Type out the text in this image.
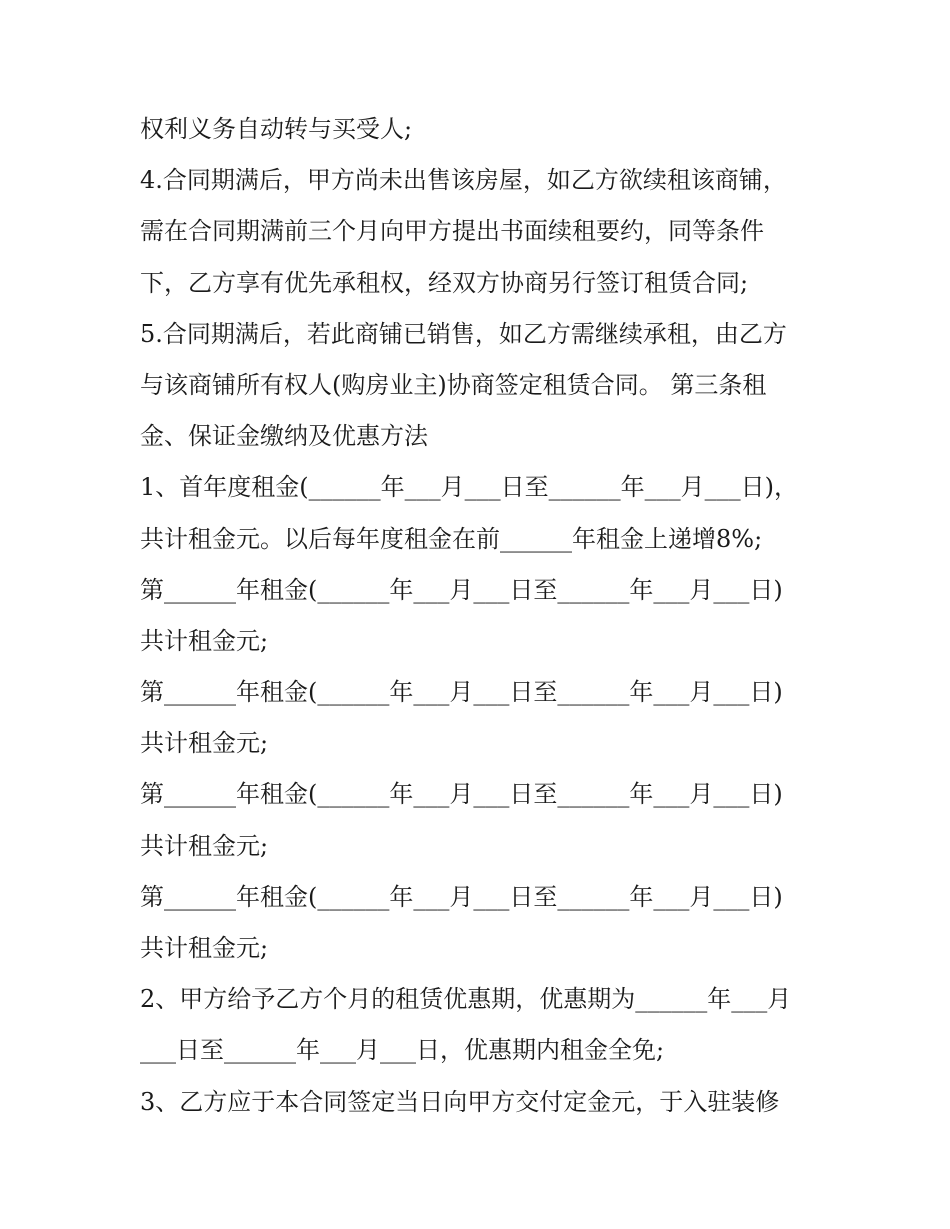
权利义务自动转与买受人;
4.合同期满后，甲方尚未出售该房屋，如乙方欲续租该商铺，
需在合同期满前三个月向甲方提出书面续租要约，同等条件
下，乙方享有优先承租权，经双方协商另行签订租赁合同;
5.合同期满后，若此商铺已销售，如乙方需继续承租，由乙方
与该商铺所有权人(购房业主)协商签定租赁合同。 第三条租
金、保证金缴纳及优惠方法
1、首年度租金(______年___月___日至______年___月___日)，
共计租金元。以后每年度租金在前______年租金上递增8%;
第______年租金(______年___月___日至______年___月___日)
共计租金元;
第______年租金(______年___月___日至______年___月___日)
共计租金元;
第______年租金(______年___月___日至______年___月___日)
共计租金元;
第______年租金(______年___月___日至______年___月___日)
共计租金元;
2、甲方给予乙方个月的租赁优惠期，优惠期为______年___月
___日至______年___月___日，优惠期内租金全免;
3、乙方应于本合同签定当日向甲方交付定金元，于入驻装修
